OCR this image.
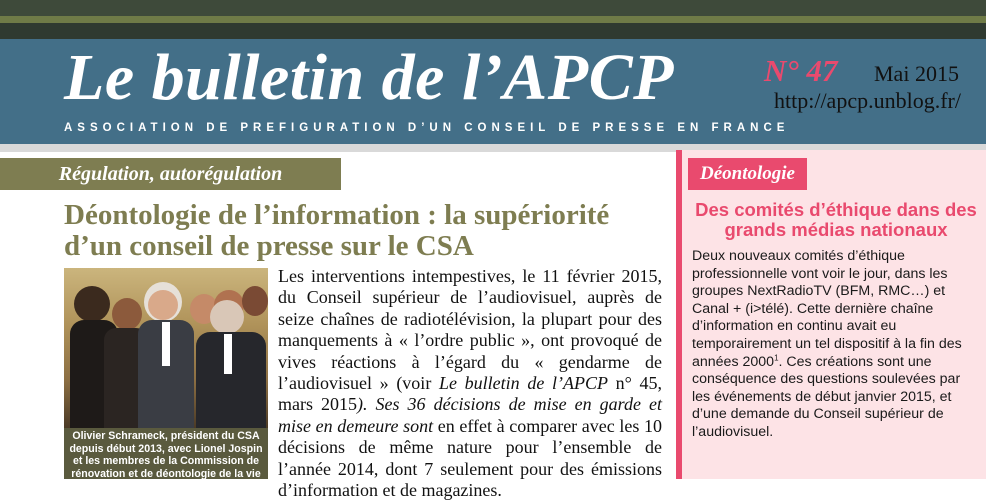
Le bulletin de l’APCP	N° 47 Mai 2015
http://apcp.unblog.fr/
ASSOCIATION DE PREFIGURATION D’UN CONSEIL DE PRESSE EN FRANCE
Régulation, autorégulation
Déontologie de l’information : la supériorité d’un conseil de presse sur le CSA
Olivier Schrameck, président du CSA depuis début 2013, avec Lionel Jospin et les membres de la Commission de rénovation et de déontologie de la vie publique (29 novembre 2012, Reuters)

Les interventions intempestives, le 11 février 2015, du Conseil supérieur de l’audiovisuel, auprès de seize chaînes de radiotélévision, la plupart pour des manquements à « l’ordre public », ont provoqué de vives réactions à l’égard du « gendarme de l’audiovisuel » (voir Le bulletin de l’APCP n° 45, mars 2015). Ses 36 décisions de mise en garde et mise en demeure sont en effet à comparer avec les 10 décisions de même nature pour l’ensemble de l’année 2014, dont 7 seulement pour des émissions d’information et de magazines.

Déontologie
Des comités d’éthique dans des grands médias nationaux

Deux nouveaux comités d’éthique professionnelle vont voir le jour, dans les groupes NextRadioTV (BFM, RMC…) et Canal + (i>télé). Cette dernière chaîne d’information en continu avait eu temporairement un tel dispositif à la fin des années 2000$^1$. Ces créations sont une conséquence des questions soulevées par les événements de début janvier 2015, et d’une demande du Conseil supérieur de l’audiovisuel.
